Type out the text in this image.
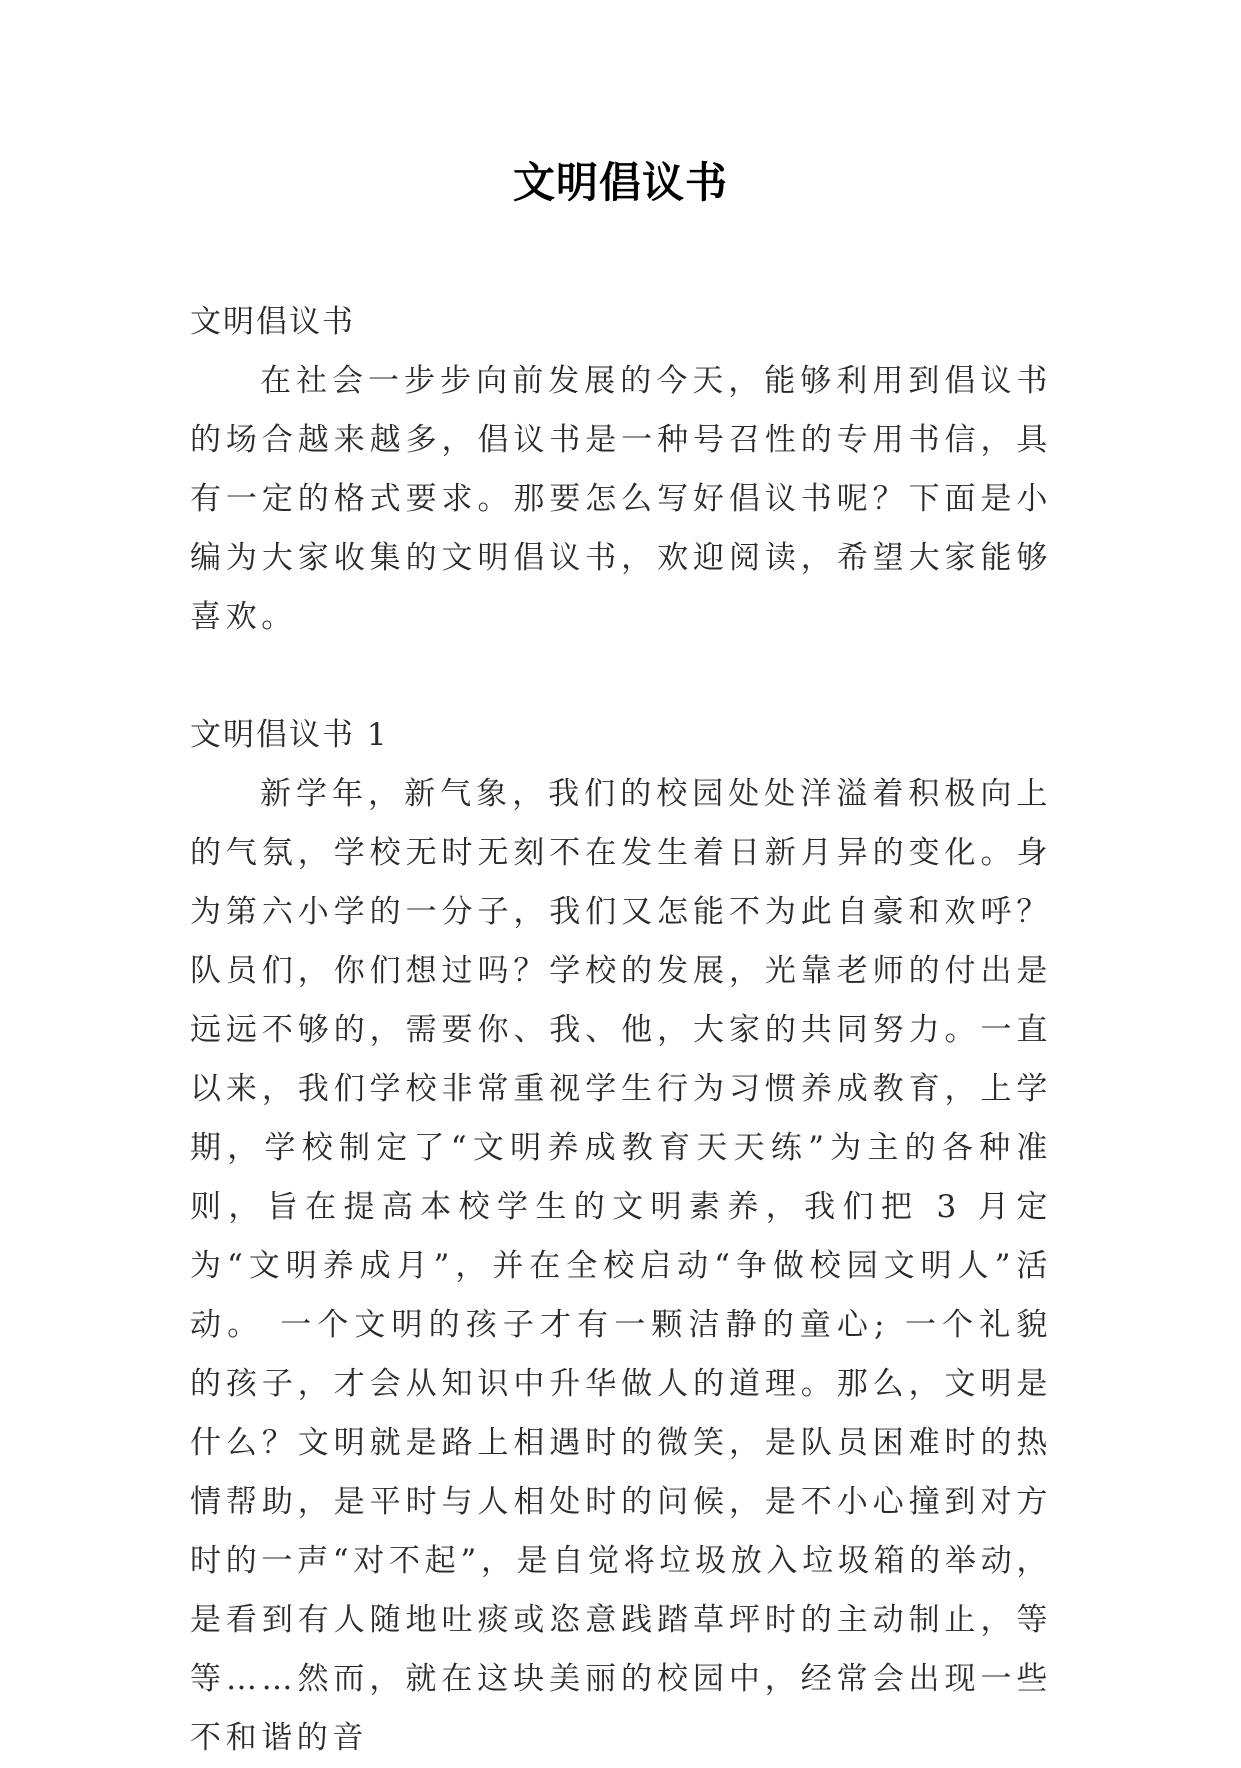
文明倡议书

文明倡议书

在社会一步步向前发展的今天，能够利用到倡议书的场合越来越多，倡议书是一种号召性的专用书信，具有一定的格式要求。那要怎么写好倡议书呢？下面是小编为大家收集的文明倡议书，欢迎阅读，希望大家能够喜欢。

文明倡议书 1

新学年，新气象，我们的校园处处洋溢着积极向上的气氛，学校无时无刻不在发生着日新月异的变化。身为第六小学的一分子，我们又怎能不为此自豪和欢呼？ 队员们，你们想过吗？学校的发展，光靠老师的付出是远远不够的，需要你、我、他，大家的共同努力。一直以来，我们学校非常重视学生行为习惯养成教育，上学期，学校制定了“文明养成教育天天练”为主的各种准则，旨在提高本校学生的文明素养，我们把 3 月定为“文明养成月”，并在全校启动“争做校园文明人”活动。 一个文明的孩子才有一颗洁静的童心; 一个礼貌的孩子，才会从知识中升华做人的道理。那么，文明是什么？文明就是路上相遇时的微笑，是队员困难时的热情帮助，是平时与人相处时的问候，是不小心撞到对方时的一声“对不起”，是自觉将垃圾放入垃圾箱的举动，是看到有人随地吐痰或恣意践踏草坪时的主动制止，等等……然而，就在这块美丽的校园中，经常会出现一些不和谐的音
